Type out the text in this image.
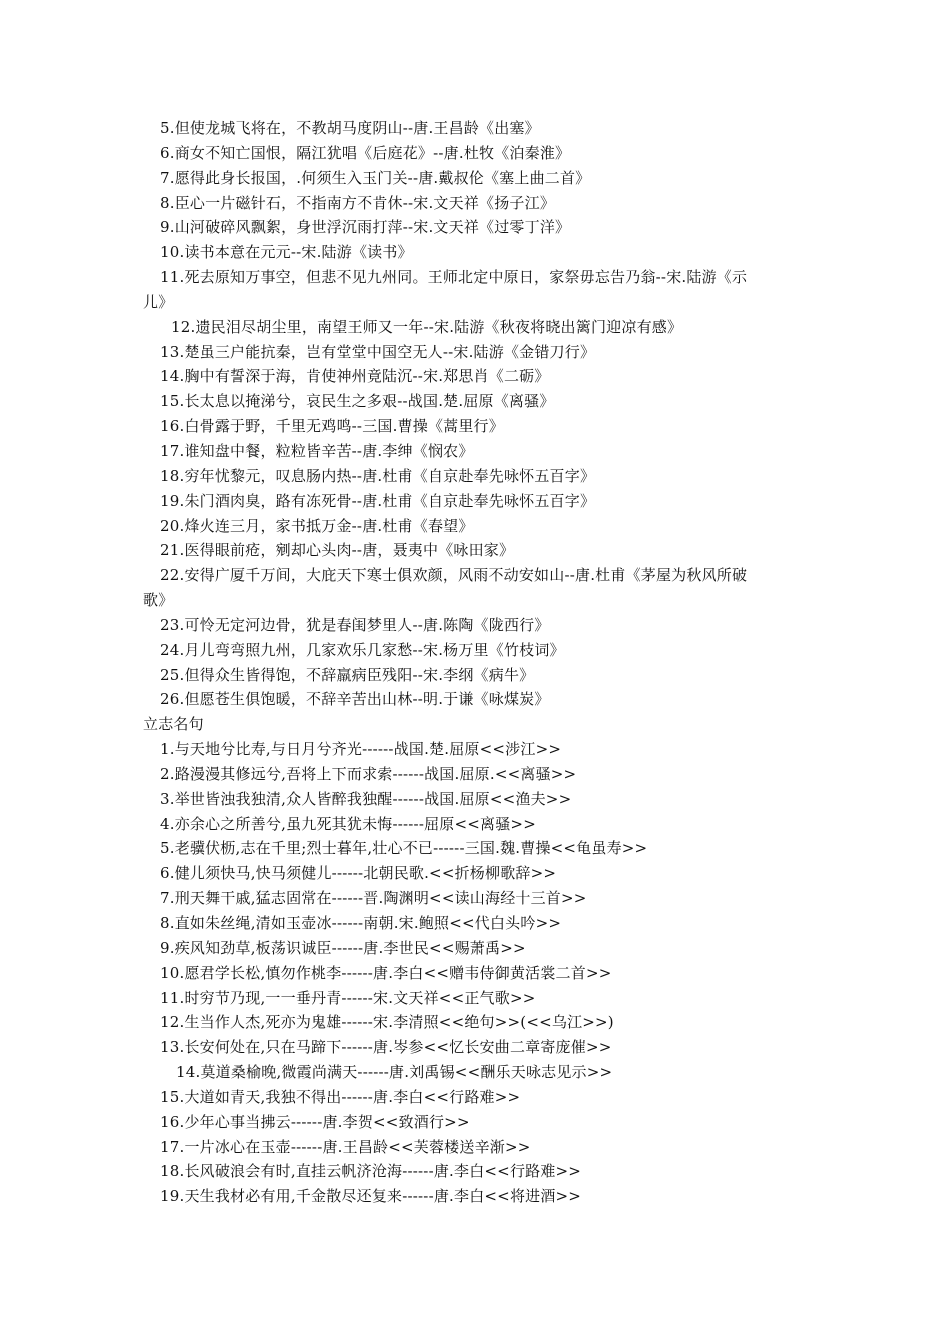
5.但使龙城飞将在，不教胡马度阴山--唐.王昌龄《出塞》
6.商女不知亡国恨，隔江犹唱《后庭花》--唐.杜牧《泊秦淮》
7.愿得此身长报国，.何须生入玉门关--唐.戴叔伦《塞上曲二首》
8.臣心一片磁针石，不指南方不肯休--宋.文天祥《扬子江》
9.山河破碎风飘絮，身世浮沉雨打萍--宋.文天祥《过零丁洋》
10.读书本意在元元--宋.陆游《读书》
11.死去原知万事空，但悲不见九州同。王师北定中原日，家祭毋忘告乃翁--宋.陆游《示
儿》
12.遗民泪尽胡尘里，南望王师又一年--宋.陆游《秋夜将晓出篱门迎凉有感》
13.楚虽三户能抗秦，岂有堂堂中国空无人--宋.陆游《金错刀行》
14.胸中有誓深于海，肯使神州竟陆沉--宋.郑思肖《二砺》
15.长太息以掩涕兮，哀民生之多艰--战国.楚.屈原《离骚》
16.白骨露于野，千里无鸡鸣--三国.曹操《蒿里行》
17.谁知盘中餐，粒粒皆辛苦--唐.李绅《悯农》
18.穷年忧黎元，叹息肠内热--唐.杜甫《自京赴奉先咏怀五百字》
19.朱门酒肉臭，路有冻死骨--唐.杜甫《自京赴奉先咏怀五百字》
20.烽火连三月，家书抵万金--唐.杜甫《春望》
21.医得眼前疮，剜却心头肉--唐，聂夷中《咏田家》
22.安得广厦千万间，大庇天下寒士俱欢颜，风雨不动安如山--唐.杜甫《茅屋为秋风所破
歌》
23.可怜无定河边骨，犹是春闺梦里人--唐.陈陶《陇西行》
24.月儿弯弯照九州，几家欢乐几家愁--宋.杨万里《竹枝词》
25.但得众生皆得饱，不辞羸病臣残阳--宋.李纲《病牛》
26.但愿苍生俱饱暖，不辞辛苦出山林--明.于谦《咏煤炭》
立志名句
1.与天地兮比寿,与日月兮齐光------战国.楚.屈原<<涉江>>
2.路漫漫其修远兮,吾将上下而求索------战国.屈原.<<离骚>>
3.举世皆浊我独清,众人皆醉我独醒------战国.屈原<<渔夫>>
4.亦余心之所善兮,虽九死其犹未悔------屈原<<离骚>>
5.老骥伏枥,志在千里;烈士暮年,壮心不已------三国.魏.曹操<<龟虽寿>>
6.健儿须快马,快马须健儿------北朝民歌.<<折杨柳歌辞>>
7.刑天舞干戚,猛志固常在------晋.陶渊明<<读山海经十三首>>
8.直如朱丝绳,清如玉壶冰------南朝.宋.鲍照<<代白头吟>>
9.疾风知劲草,板荡识诚臣------唐.李世民<<赐萧禹>>
10.愿君学长松,慎勿作桃李------唐.李白<<赠韦侍御黄活裳二首>>
11.时穷节乃现,一一垂丹青------宋.文天祥<<正气歌>>
12.生当作人杰,死亦为鬼雄------宋.李清照<<绝句>>(<<乌江>>)
13.长安何处在,只在马蹄下------唐.岑参<<忆长安曲二章寄庞催>>
14.莫道桑榆晚,微霞尚满天------唐.刘禹锡<<酬乐天咏志见示>>
15.大道如青天,我独不得出------唐.李白<<行路难>>
16.少年心事当拂云------唐.李贺<<致酒行>>
17.一片冰心在玉壶------唐.王昌龄<<芙蓉楼送辛渐>>
18.长风破浪会有时,直挂云帆济沧海------唐.李白<<行路难>>
19.天生我材必有用,千金散尽还复来------唐.李白<<将进酒>>
